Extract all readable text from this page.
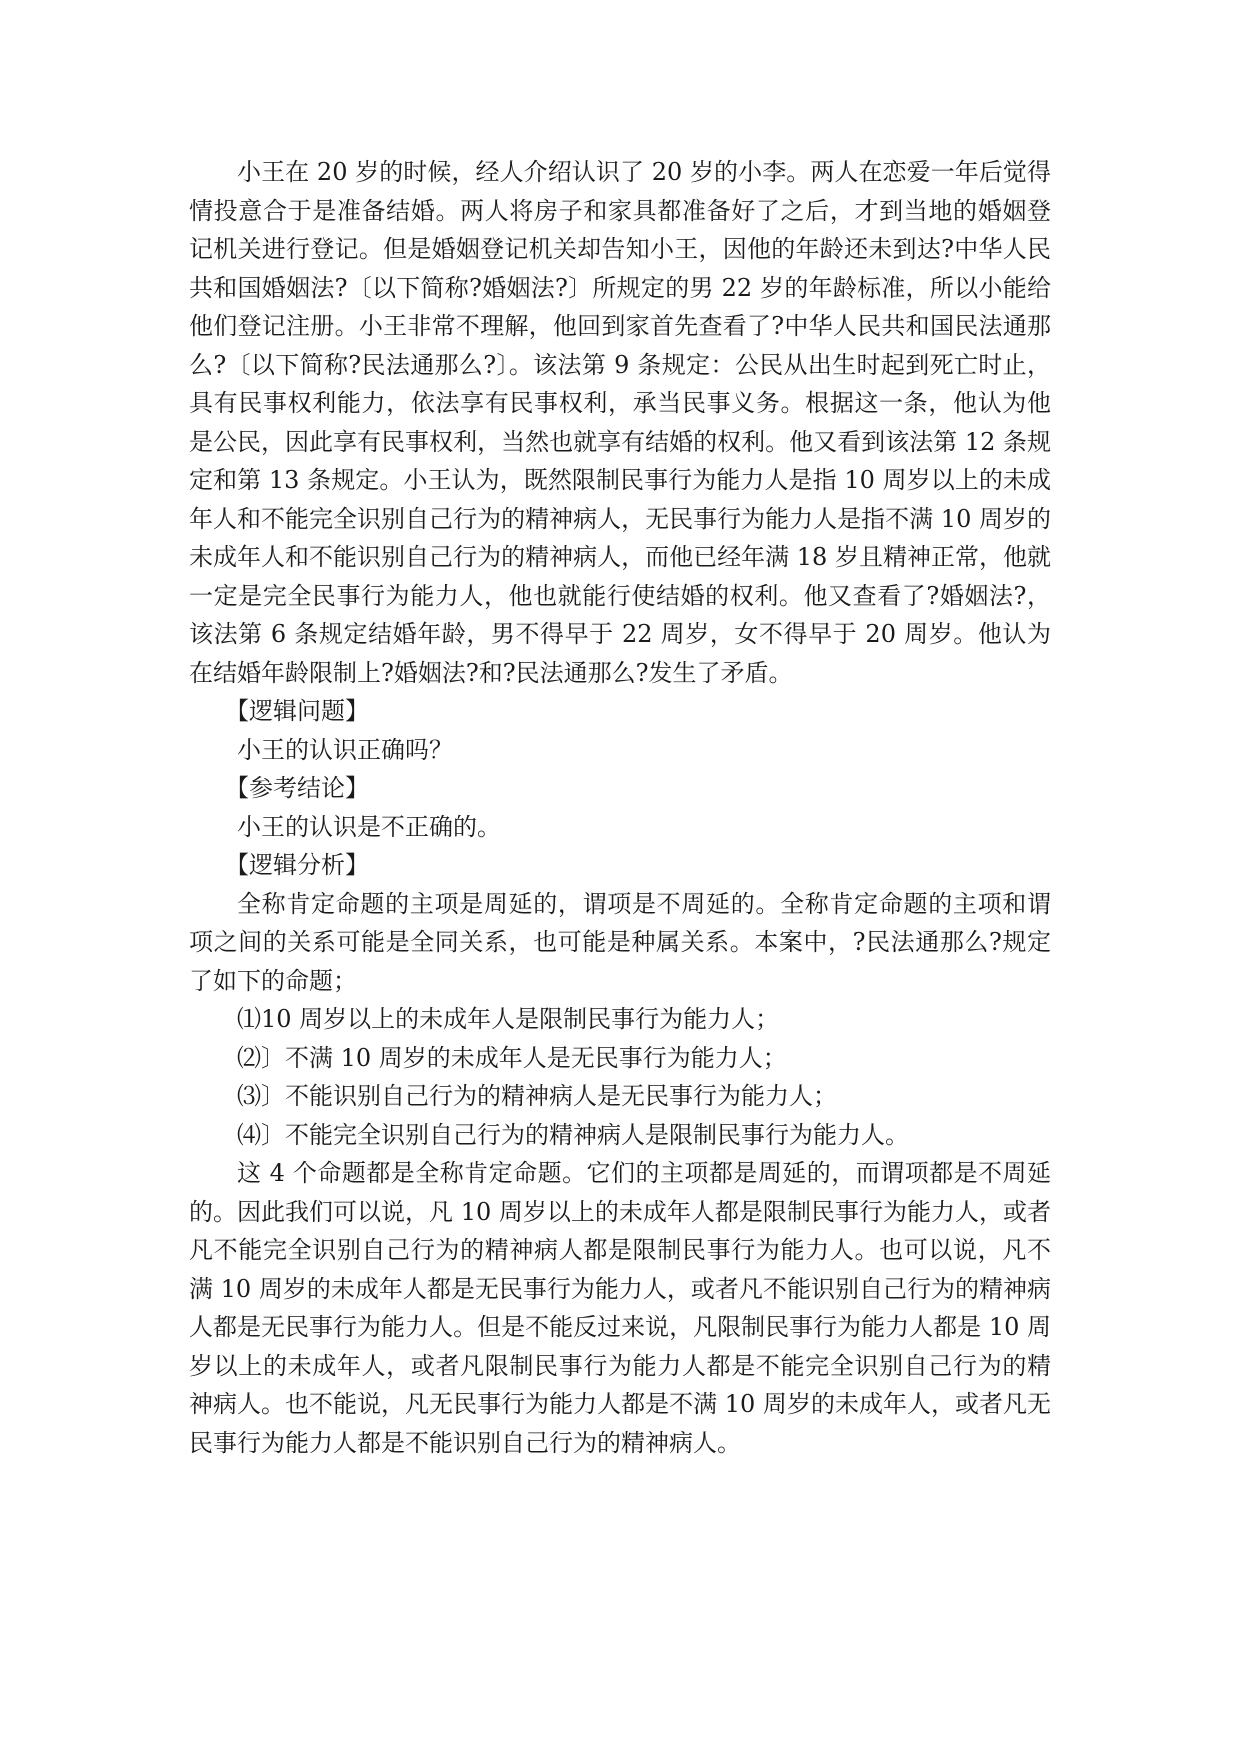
小王在 20 岁的时候，经人介绍认识了 20 岁的小李。两人在恋爱一年后觉得情投意合于是准备结婚。两人将房子和家具都准备好了之后，才到当地的婚姻登记机关进行登记。但是婚姻登记机关却告知小王，因他的年龄还未到达?中华人民共和国婚姻法?〔以下简称?婚姻法?〕所规定的男 22 岁的年龄标准，所以小能给他们登记注册。小王非常不理解，他回到家首先查看了?中华人民共和国民法通那么?〔以下简称?民法通那么?〕。该法第 9 条规定：公民从出生时起到死亡时止，具有民事权利能力，依法享有民事权利，承当民事义务。根据这一条，他认为他是公民，因此享有民事权利，当然也就享有结婚的权利。他又看到该法第 12 条规定和第 13 条规定。小王认为，既然限制民事行为能力人是指 10 周岁以上的未成年人和不能完全识别自己行为的精神病人，无民事行为能力人是指不满 10 周岁的未成年人和不能识别自己行为的精神病人，而他已经年满 18 岁且精神正常，他就一定是完全民事行为能力人，他也就能行使结婚的权利。他又查看了?婚姻法?，该法第 6 条规定结婚年龄，男不得早于 22 周岁，女不得早于 20 周岁。他认为在结婚年龄限制上?婚姻法?和?民法通那么?发生了矛盾。

【逻辑问题】

小王的认识正确吗？

【参考结论】

小王的认识是不正确的。

【逻辑分析】

全称肯定命题的主项是周延的，谓项是不周延的。全称肯定命题的主项和谓项之间的关系可能是全同关系，也可能是种属关系。本案中，?民法通那么?规定了如下的命题；

⑴10 周岁以上的未成年人是限制民事行为能力人；

⑵〕不满 10 周岁的未成年人是无民事行为能力人；

⑶〕不能识别自己行为的精神病人是无民事行为能力人；

⑷〕不能完全识别自己行为的精神病人是限制民事行为能力人。

这 4 个命题都是全称肯定命题。它们的主项都是周延的，而谓项都是不周延的。因此我们可以说，凡 10 周岁以上的未成年人都是限制民事行为能力人，或者凡不能完全识别自己行为的精神病人都是限制民事行为能力人。也可以说，凡不满 10 周岁的未成年人都是无民事行为能力人，或者凡不能识别自己行为的精神病人都是无民事行为能力人。但是不能反过来说，凡限制民事行为能力人都是 10 周岁以上的未成年人，或者凡限制民事行为能力人都是不能完全识别自己行为的精神病人。也不能说，凡无民事行为能力人都是不满 10 周岁的未成年人，或者凡无民事行为能力人都是不能识别自己行为的精神病人。
